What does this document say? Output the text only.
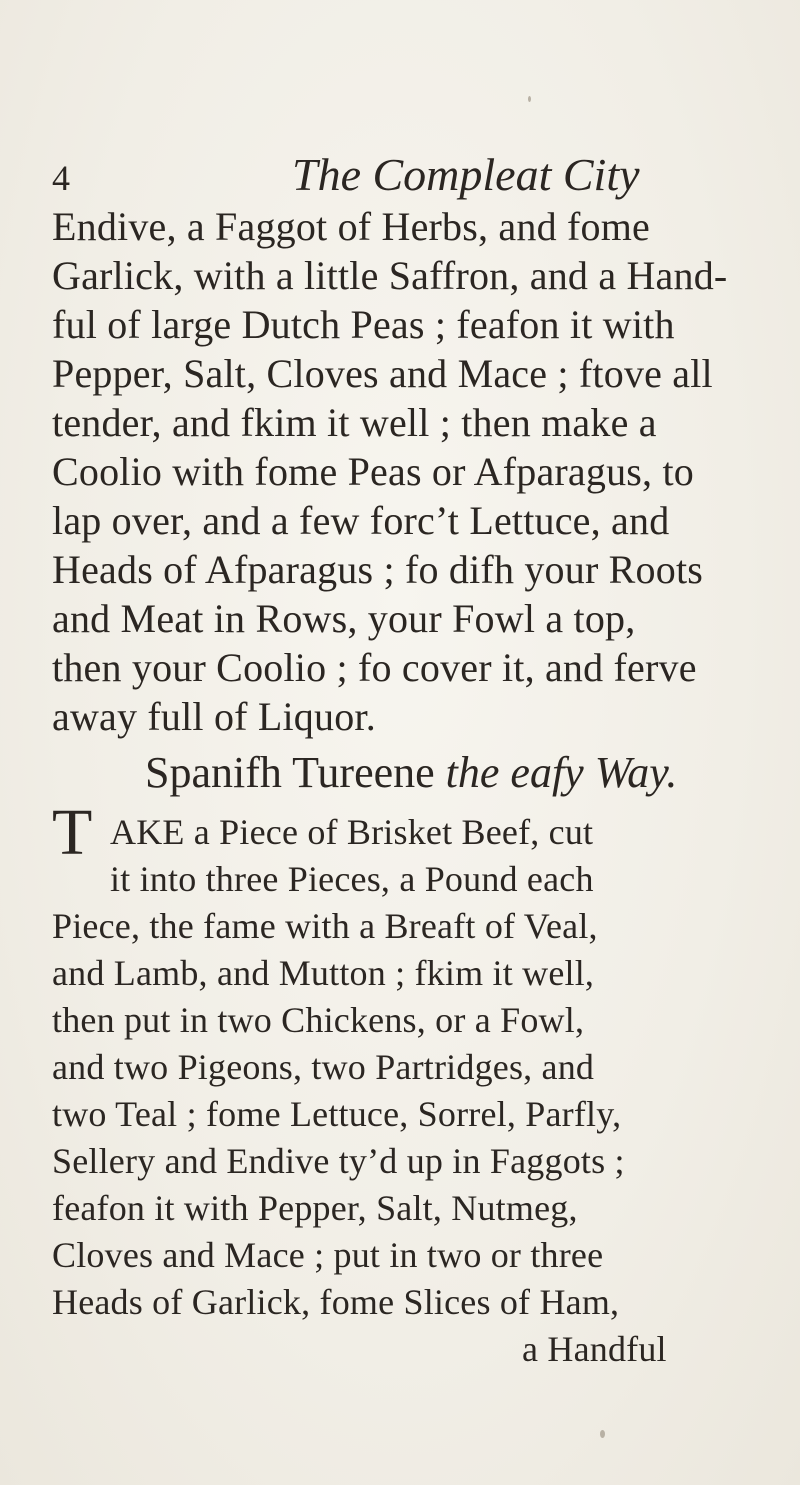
4	The Compleat City
Endive, a Faggot of Herbs, and fome
Garlick, with a little Saffron, and a Hand-
ful of large Dutch Peas ; feafon it with
Pepper, Salt, Cloves and Mace ; ftove all
tender, and fkim it well ; then make a
Coolio with fome Peas or Afparagus, to
lap over, and a few forc’t Lettuce, and
Heads of Afparagus ; fo difh your Roots
and Meat in Rows, your Fowl a top,
then your Coolio ; fo cover it, and ferve
away full of Liquor.
Spanifh Tureene the eafy Way.
T AKE a Piece of Brisket Beef, cut
it into three Pieces, a Pound each
Piece, the fame with a Breaft of Veal,
and Lamb, and Mutton ; fkim it well,
then put in two Chickens, or a Fowl,
and two Pigeons, two Partridges, and
two Teal ; fome Lettuce, Sorrel, Parfly,
Sellery and Endive ty’d up in Faggots ;
feafon it with Pepper, Salt, Nutmeg,
Cloves and Mace ; put in two or three
Heads of Garlick, fome Slices of Ham,
a Handful
